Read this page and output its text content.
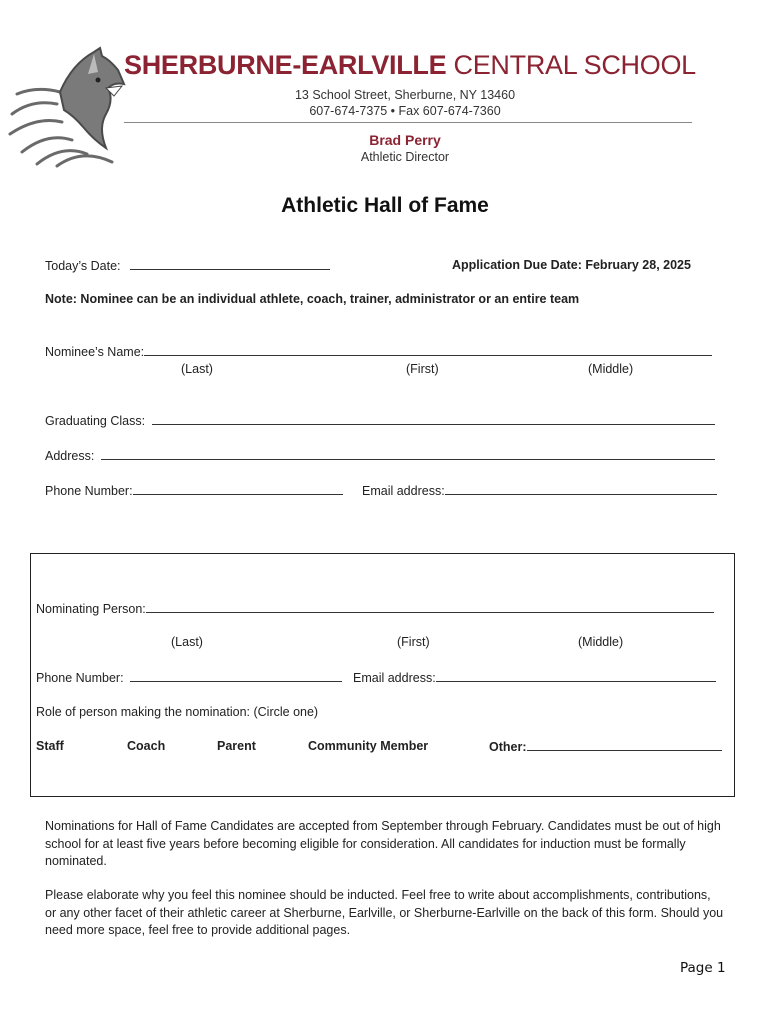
SHERBURNE-EARLVILLE CENTRAL SCHOOL
13 School Street, Sherburne, NY 13460
607-674-7375 • Fax 607-674-7360
Brad Perry
Athletic Director
Athletic Hall of Fame
Today’s Date:	Application Due Date: February 28, 2025
Note: Nominee can be an individual athlete, coach, trainer, administrator or an entire team
Nominee’s Name:
(Last)	(First)	(Middle)
Graduating Class:
Address:
Phone Number:	Email address:
Nominating Person:
(Last)	(First)	(Middle)
Phone Number:	Email address:
Role of person making the nomination: (Circle one)
Staff	Coach	Parent	Community Member	Other:
Nominations for Hall of Fame Candidates are accepted from September through February. Candidates must be out of high school for at least five years before becoming eligible for consideration. All candidates for induction must be formally nominated.
Please elaborate why you feel this nominee should be inducted. Feel free to write about accomplishments, contributions, or any other facet of their athletic career at Sherburne, Earlville, or Sherburne-Earlville on the back of this form. Should you need more space, feel free to provide additional pages.
Page 1
